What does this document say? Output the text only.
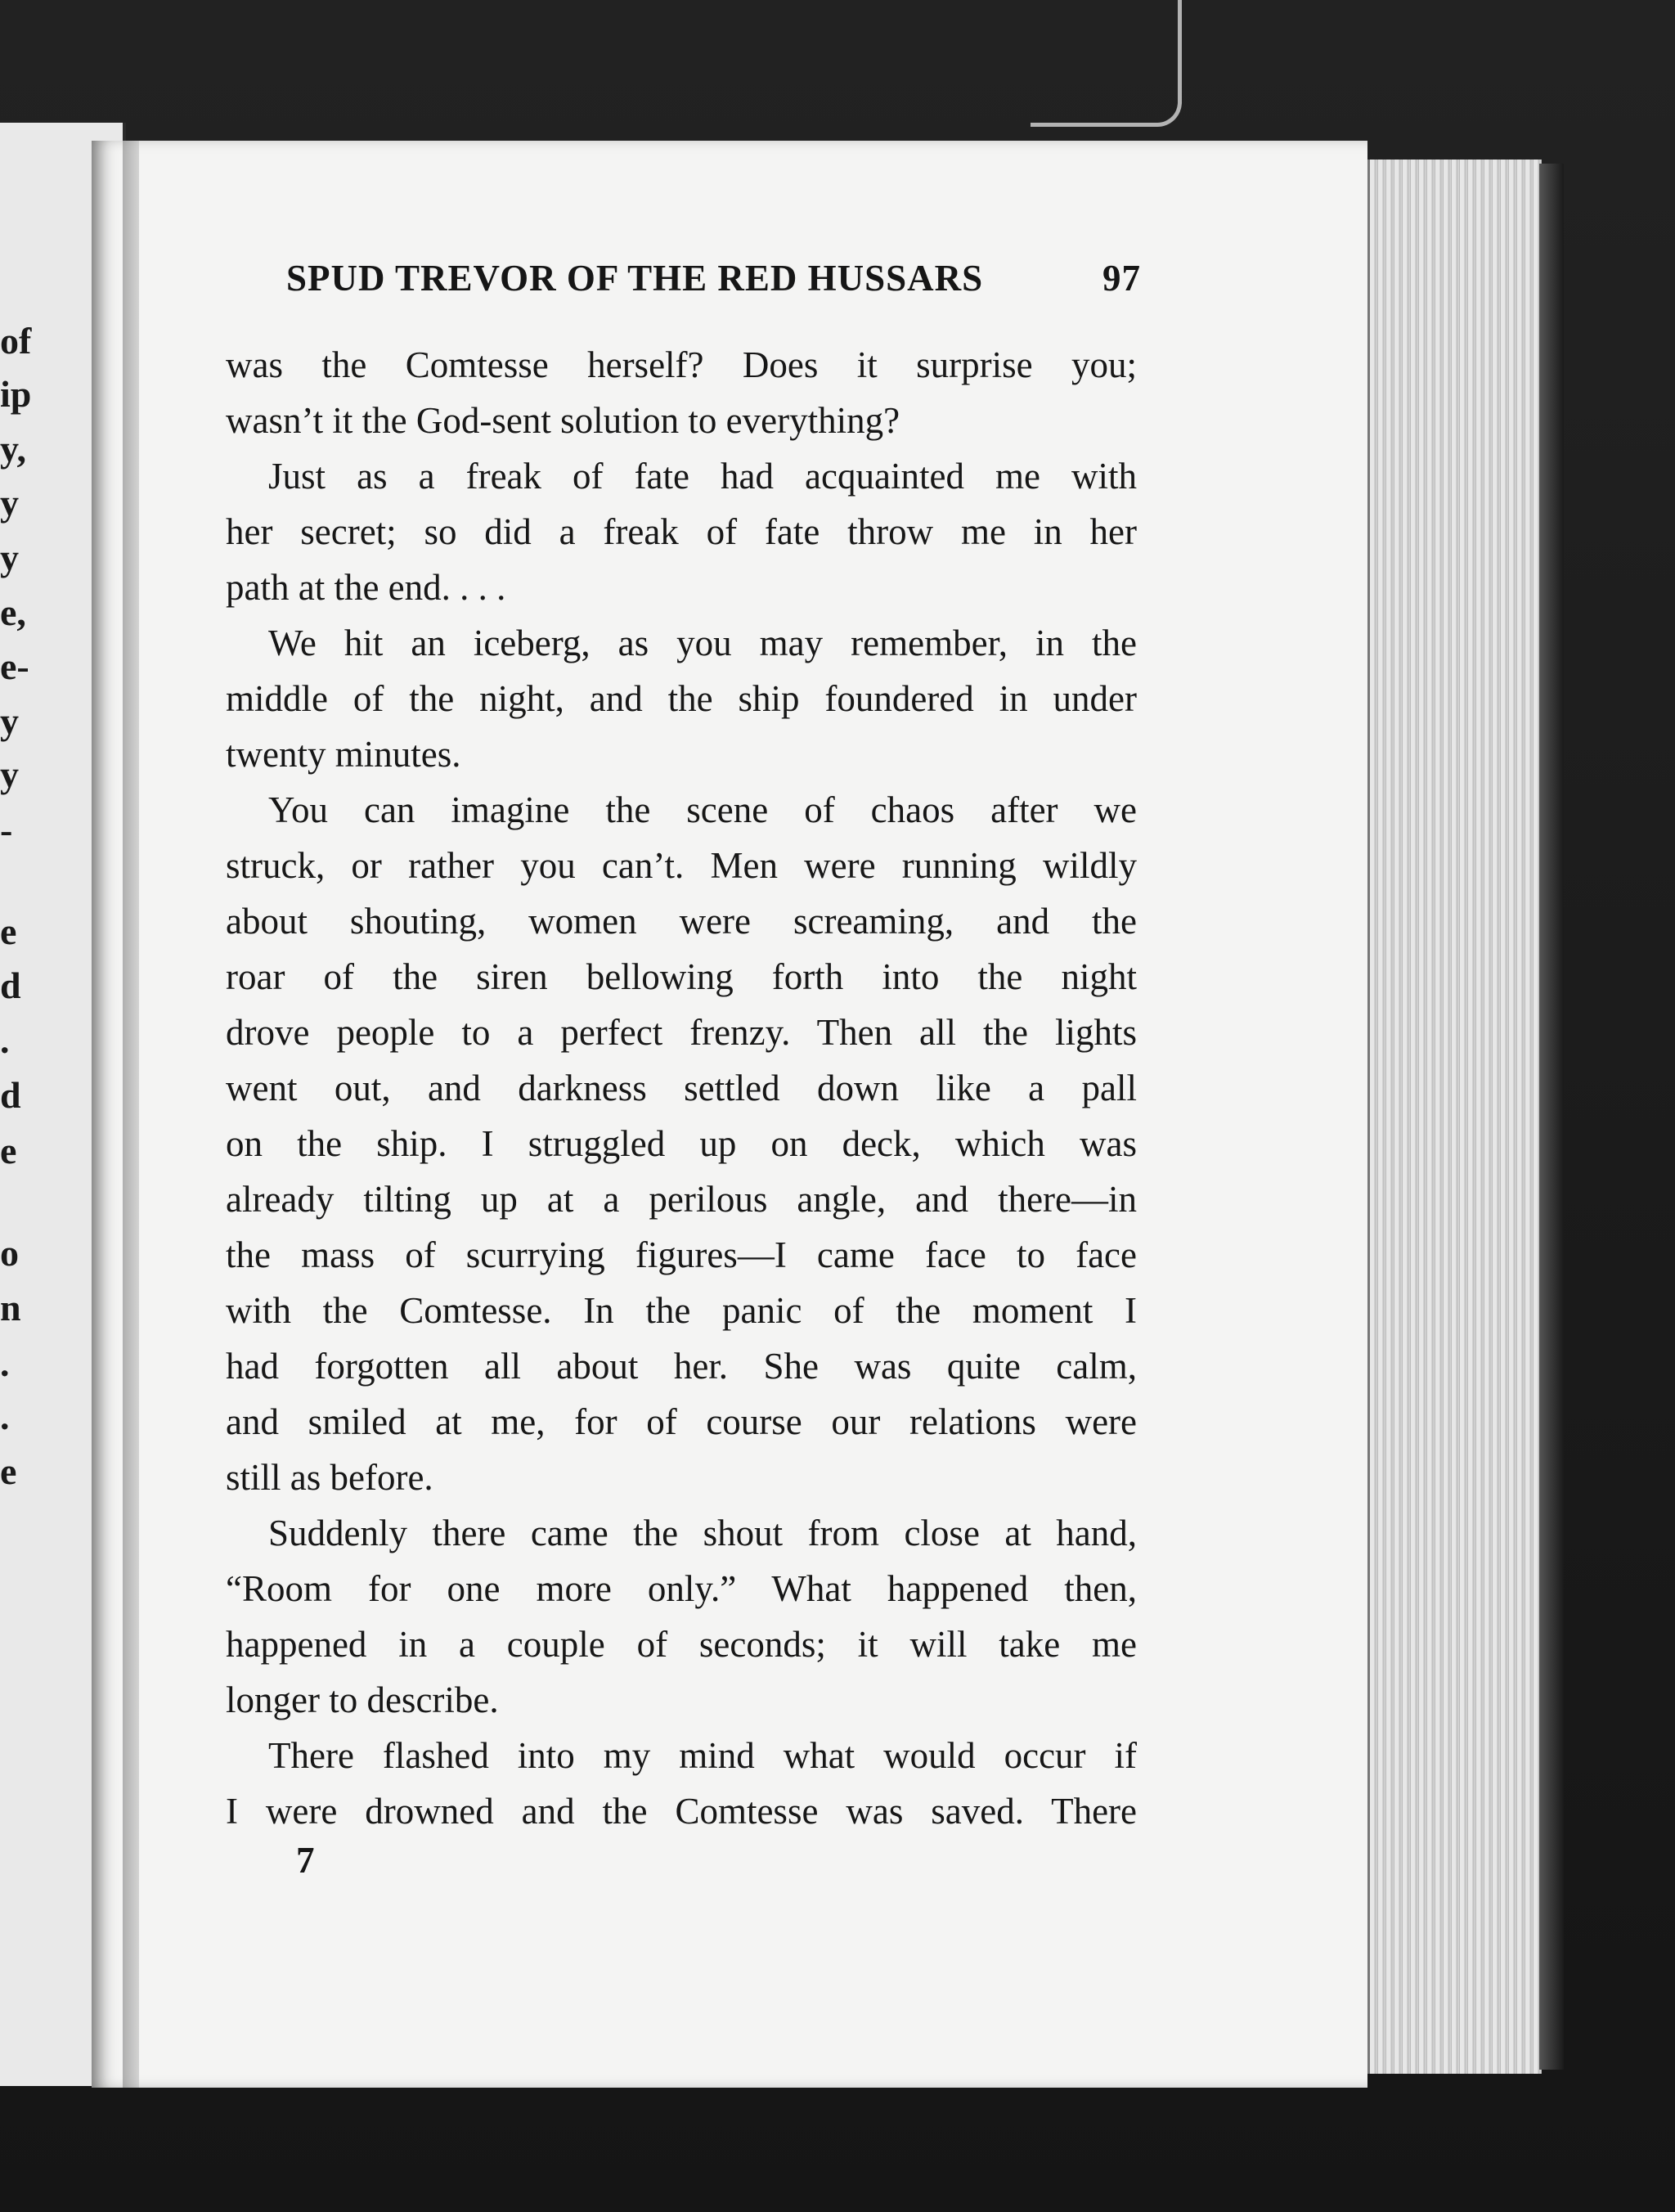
of
ip
y,
y
y
e,
e-
y
y
-
e
d
.
d
e
o
n
.
.
e
SPUD TREVOR OF THE RED HUSSARS	97
was the Comtesse herself? Does it surprise you;
wasn’t it the God-sent solution to everything?
Just as a freak of fate had acquainted me with
her secret; so did a freak of fate throw me in her
path at the end. . . .
We hit an iceberg, as you may remember, in the
middle of the night, and the ship foundered in under
twenty minutes.
You can imagine the scene of chaos after we
struck, or rather you can’t. Men were running wildly
about shouting, women were screaming, and the
roar of the siren bellowing forth into the night
drove people to a perfect frenzy. Then all the lights
went out, and darkness settled down like a pall
on the ship. I struggled up on deck, which was
already tilting up at a perilous angle, and there—in
the mass of scurrying figures—I came face to face
with the Comtesse. In the panic of the moment I
had forgotten all about her. She was quite calm,
and smiled at me, for of course our relations were
still as before.
Suddenly there came the shout from close at hand,
“Room for one more only.” What happened then,
happened in a couple of seconds; it will take me
longer to describe.
There flashed into my mind what would occur if
I were drowned and the Comtesse was saved. There
7
